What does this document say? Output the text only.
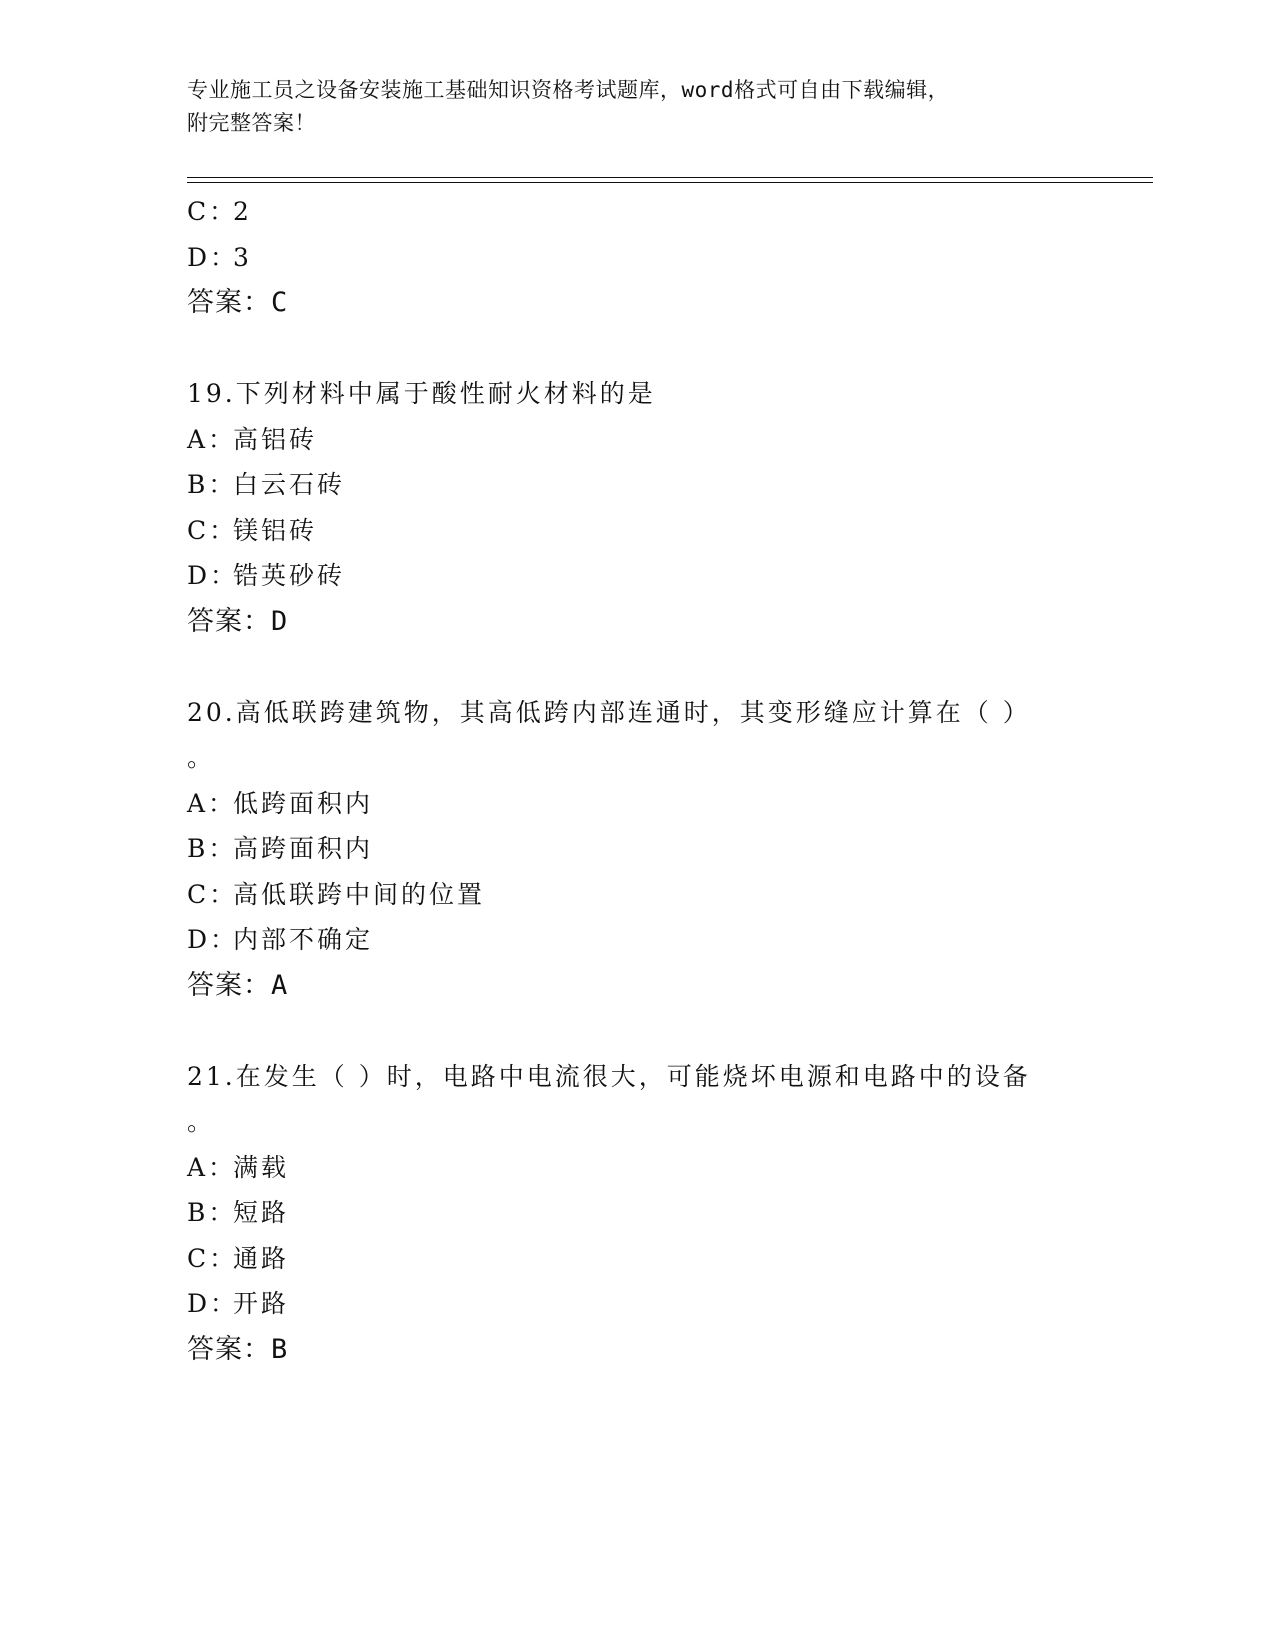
专业施工员之设备安装施工基础知识资格考试题库，word格式可自由下载编辑，
附完整答案！
C：2
D：3
答案：C
19.下列材料中属于酸性耐火材料的是
A：高铝砖
B：白云石砖
C：镁铝砖
D：锆英砂砖
答案：D
20.高低联跨建筑物，其高低跨内部连通时，其变形缝应计算在（ ）
。
A：低跨面积内
B：高跨面积内
C：高低联跨中间的位置
D：内部不确定
答案：A
21.在发生（ ）时，电路中电流很大，可能烧坏电源和电路中的设备
。
A：满载
B：短路
C：通路
D：开路
答案：B
